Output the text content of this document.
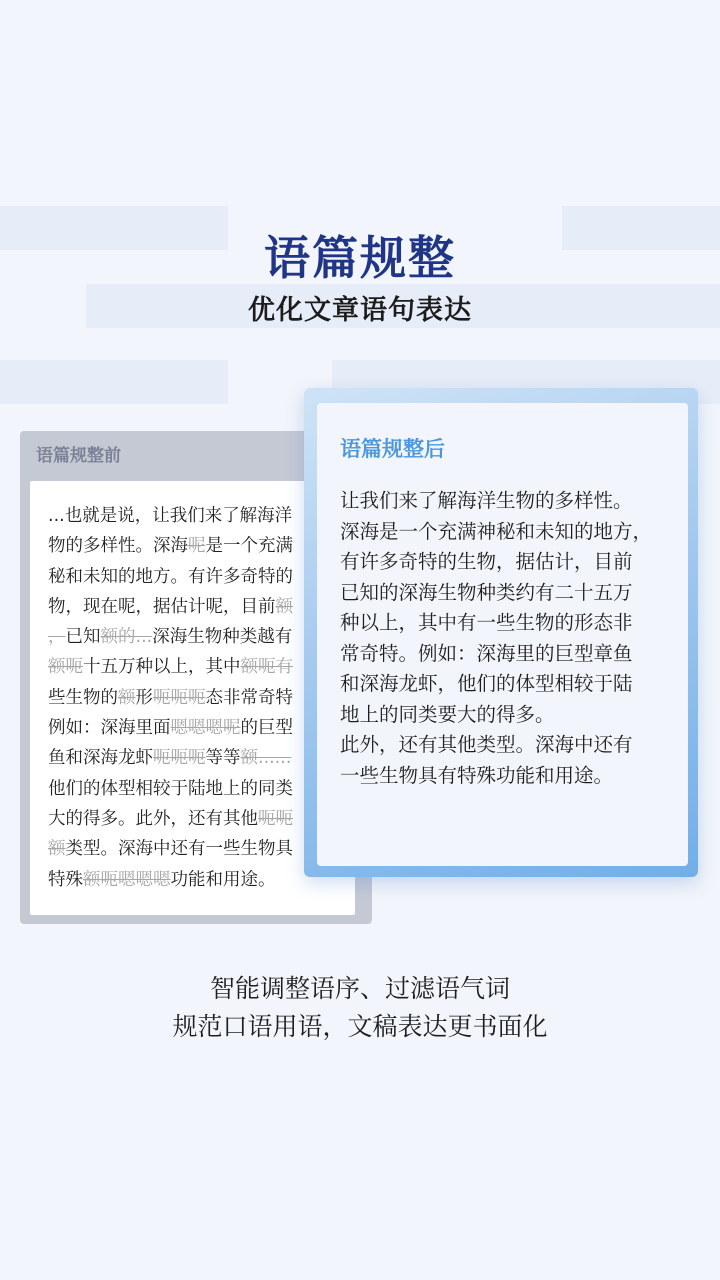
语篇规整
优化文章语句表达
语篇规整前
...也就是说，让我们来了解海洋
物的多样性。深海呢是一个充满
秘和未知的地方。有许多奇特的
物，现在呢，据估计呢，目前额
，已知额的...深海生物种类越有
额呃十五万种以上，其中额呃有
些生物的额形呃呃呃态非常奇特
例如：深海里面嗯嗯嗯呢的巨型
鱼和深海龙虾呃呃呃等等额......
他们的体型相较于陆地上的同类
大的得多。此外，还有其他呃呃
额类型。深海中还有一些生物具
特殊额呃嗯嗯嗯功能和用途。
语篇规整后
让我们来了解海洋生物的多样性。
深海是一个充满神秘和未知的地方，
有许多奇特的生物，据估计，目前
已知的深海生物种类约有二十五万
种以上，其中有一些生物的形态非
常奇特。例如：深海里的巨型章鱼
和深海龙虾，他们的体型相较于陆
地上的同类要大的得多。
此外，还有其他类型。深海中还有
一些生物具有特殊功能和用途。

智能调整语序、过滤语气词
规范口语用语，文稿表达更书面化
